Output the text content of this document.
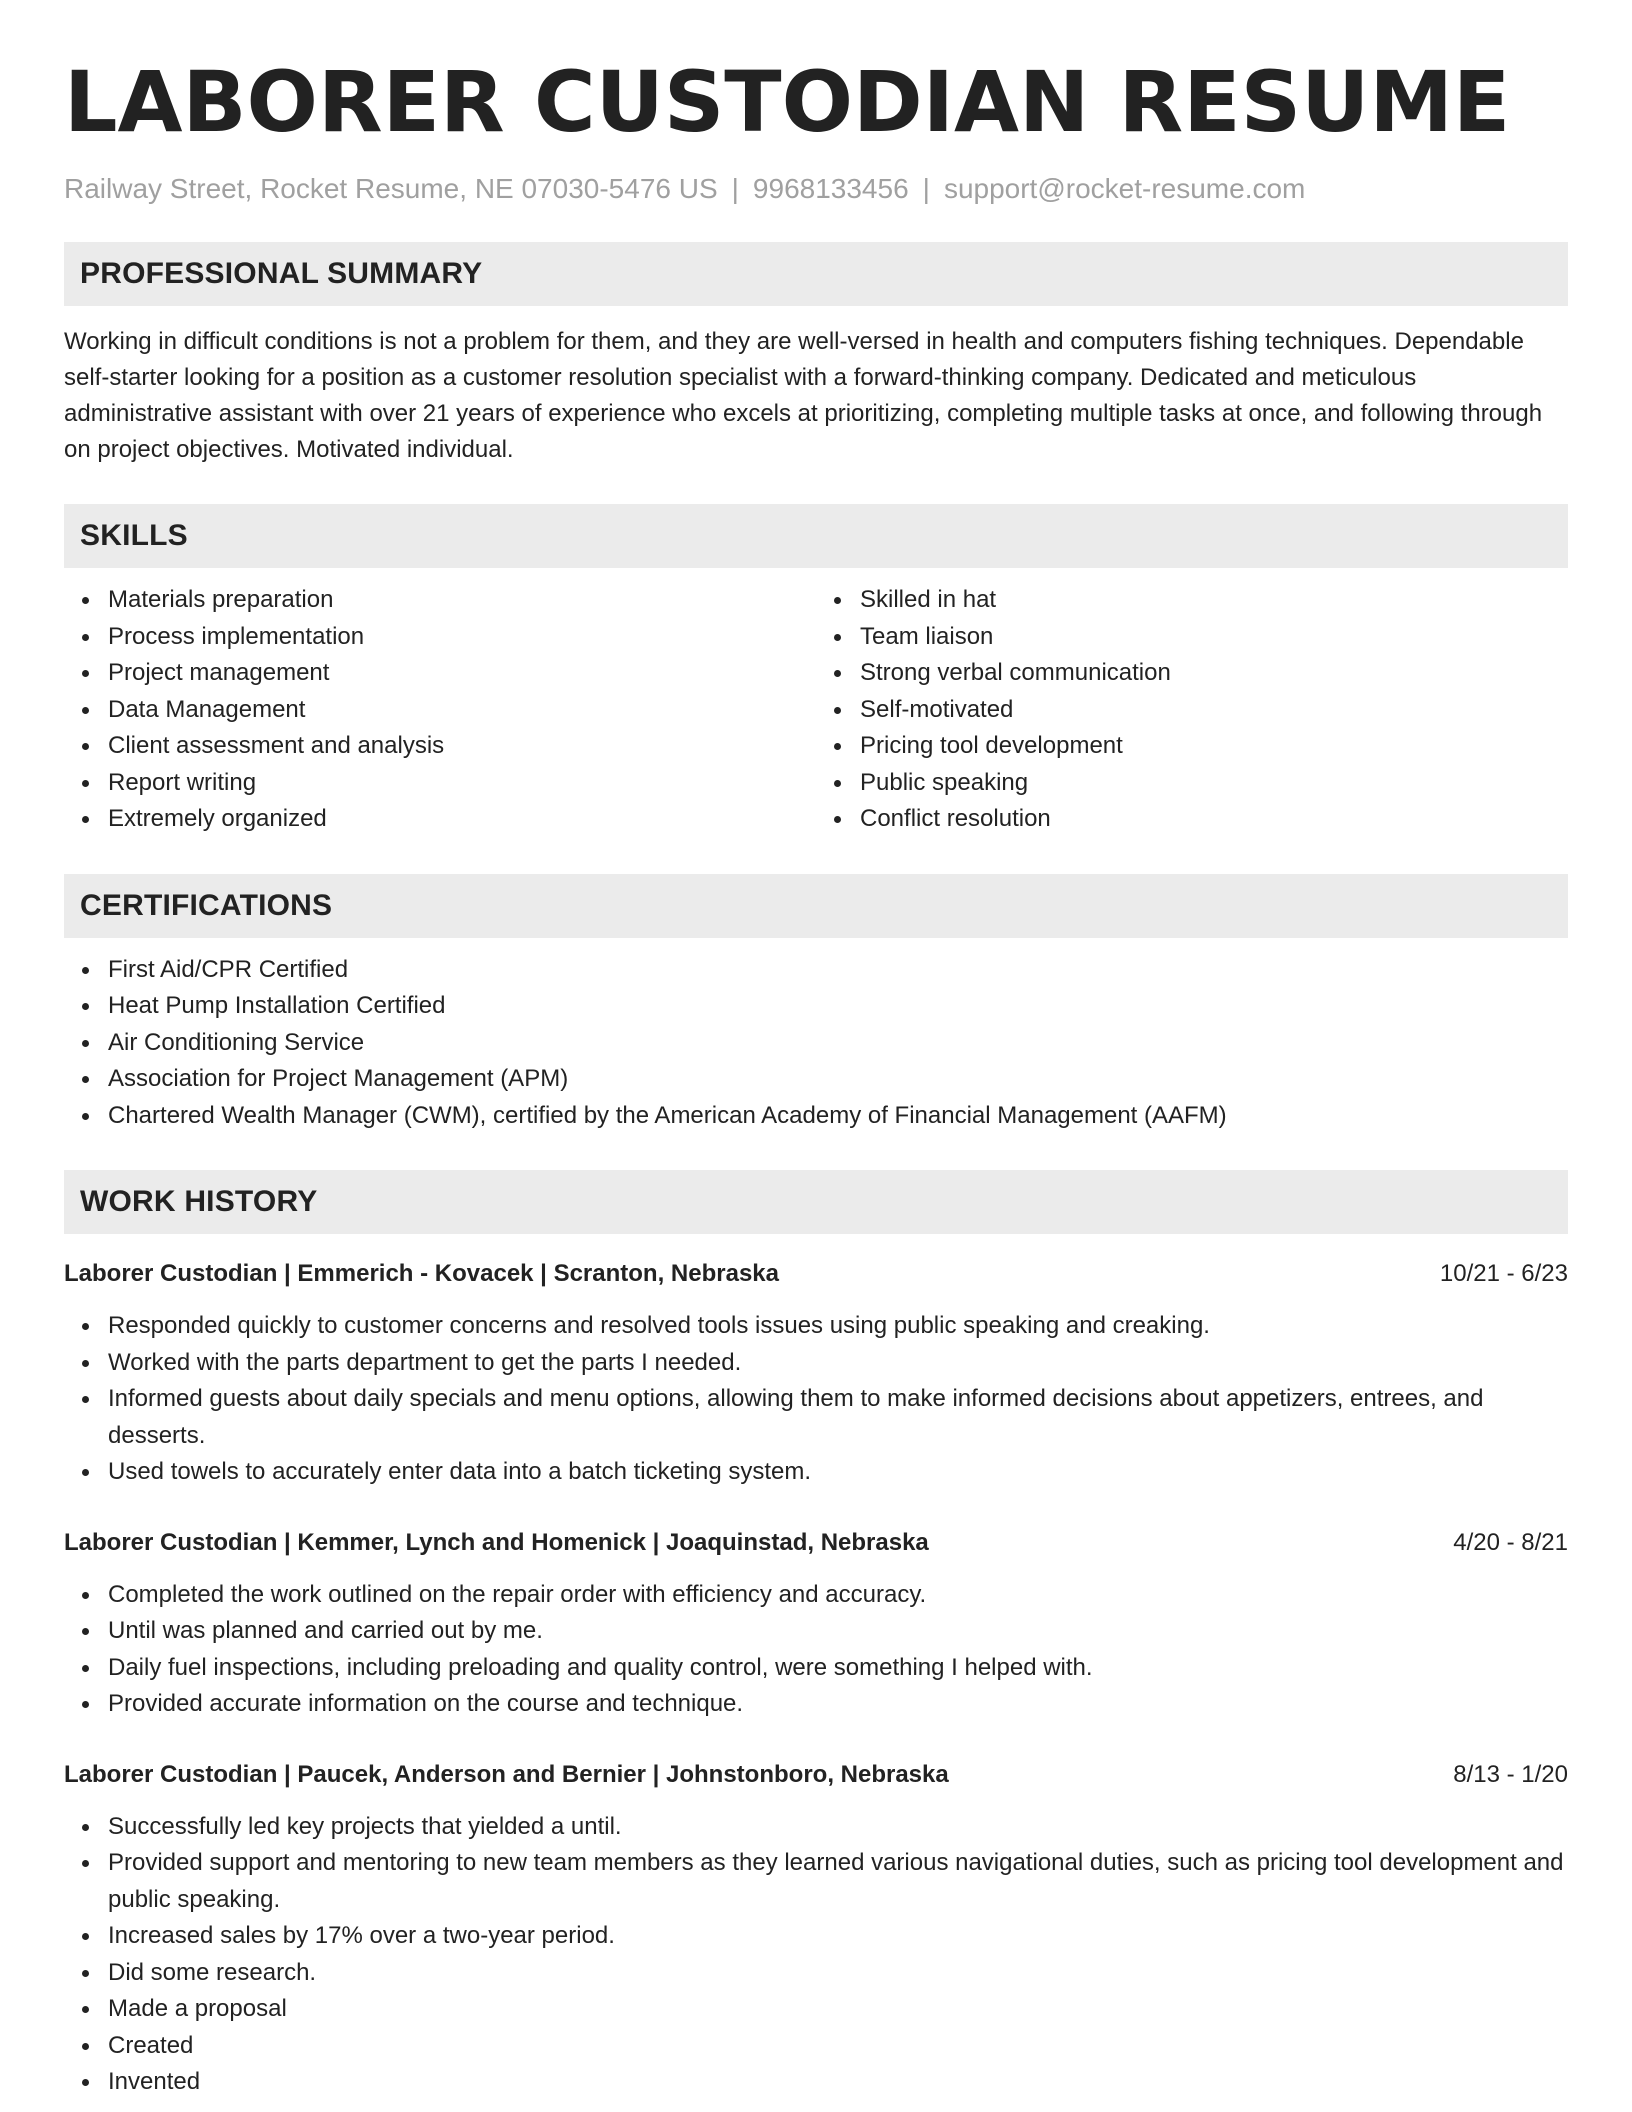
LABORER CUSTODIAN RESUME
Railway Street, Rocket Resume, NE 07030-5476 US | 9968133456 | support@rocket-resume.com
PROFESSIONAL SUMMARY

Working in difficult conditions is not a problem for them, and they are well-versed in health and computers fishing techniques. Dependable self-starter looking for a position as a customer resolution specialist with a forward-thinking company. Dedicated and meticulous administrative assistant with over 21 years of experience who excels at prioritizing, completing multiple tasks at once, and following through on project objectives. Motivated individual.

SKILLS
Materials preparation
Process implementation
Project management
Data Management
Client assessment and analysis
Report writing
Extremely organized
Skilled in hat
Team liaison
Strong verbal communication
Self-motivated
Pricing tool development
Public speaking
Conflict resolution
CERTIFICATIONS
First Aid/CPR Certified
Heat Pump Installation Certified
Air Conditioning Service
Association for Project Management (APM)
Chartered Wealth Manager (CWM), certified by the American Academy of Financial Management (AAFM)
WORK HISTORY
Laborer Custodian | Emmerich - Kovacek | Scranton, Nebraska	10/21 - 6/23
Responded quickly to customer concerns and resolved tools issues using public speaking and creaking.
Worked with the parts department to get the parts I needed.
Informed guests about daily specials and menu options, allowing them to make informed decisions about appetizers, entrees, and desserts.
Used towels to accurately enter data into a batch ticketing system.
Laborer Custodian | Kemmer, Lynch and Homenick | Joaquinstad, Nebraska	4/20 - 8/21
Completed the work outlined on the repair order with efficiency and accuracy.
Until was planned and carried out by me.
Daily fuel inspections, including preloading and quality control, were something I helped with.
Provided accurate information on the course and technique.
Laborer Custodian | Paucek, Anderson and Bernier | Johnstonboro, Nebraska	8/13 - 1/20
Successfully led key projects that yielded a until.
Provided support and mentoring to new team members as they learned various navigational duties, such as pricing tool development and public speaking.
Increased sales by 17% over a two-year period.
Did some research.
Made a proposal
Created
Invented
